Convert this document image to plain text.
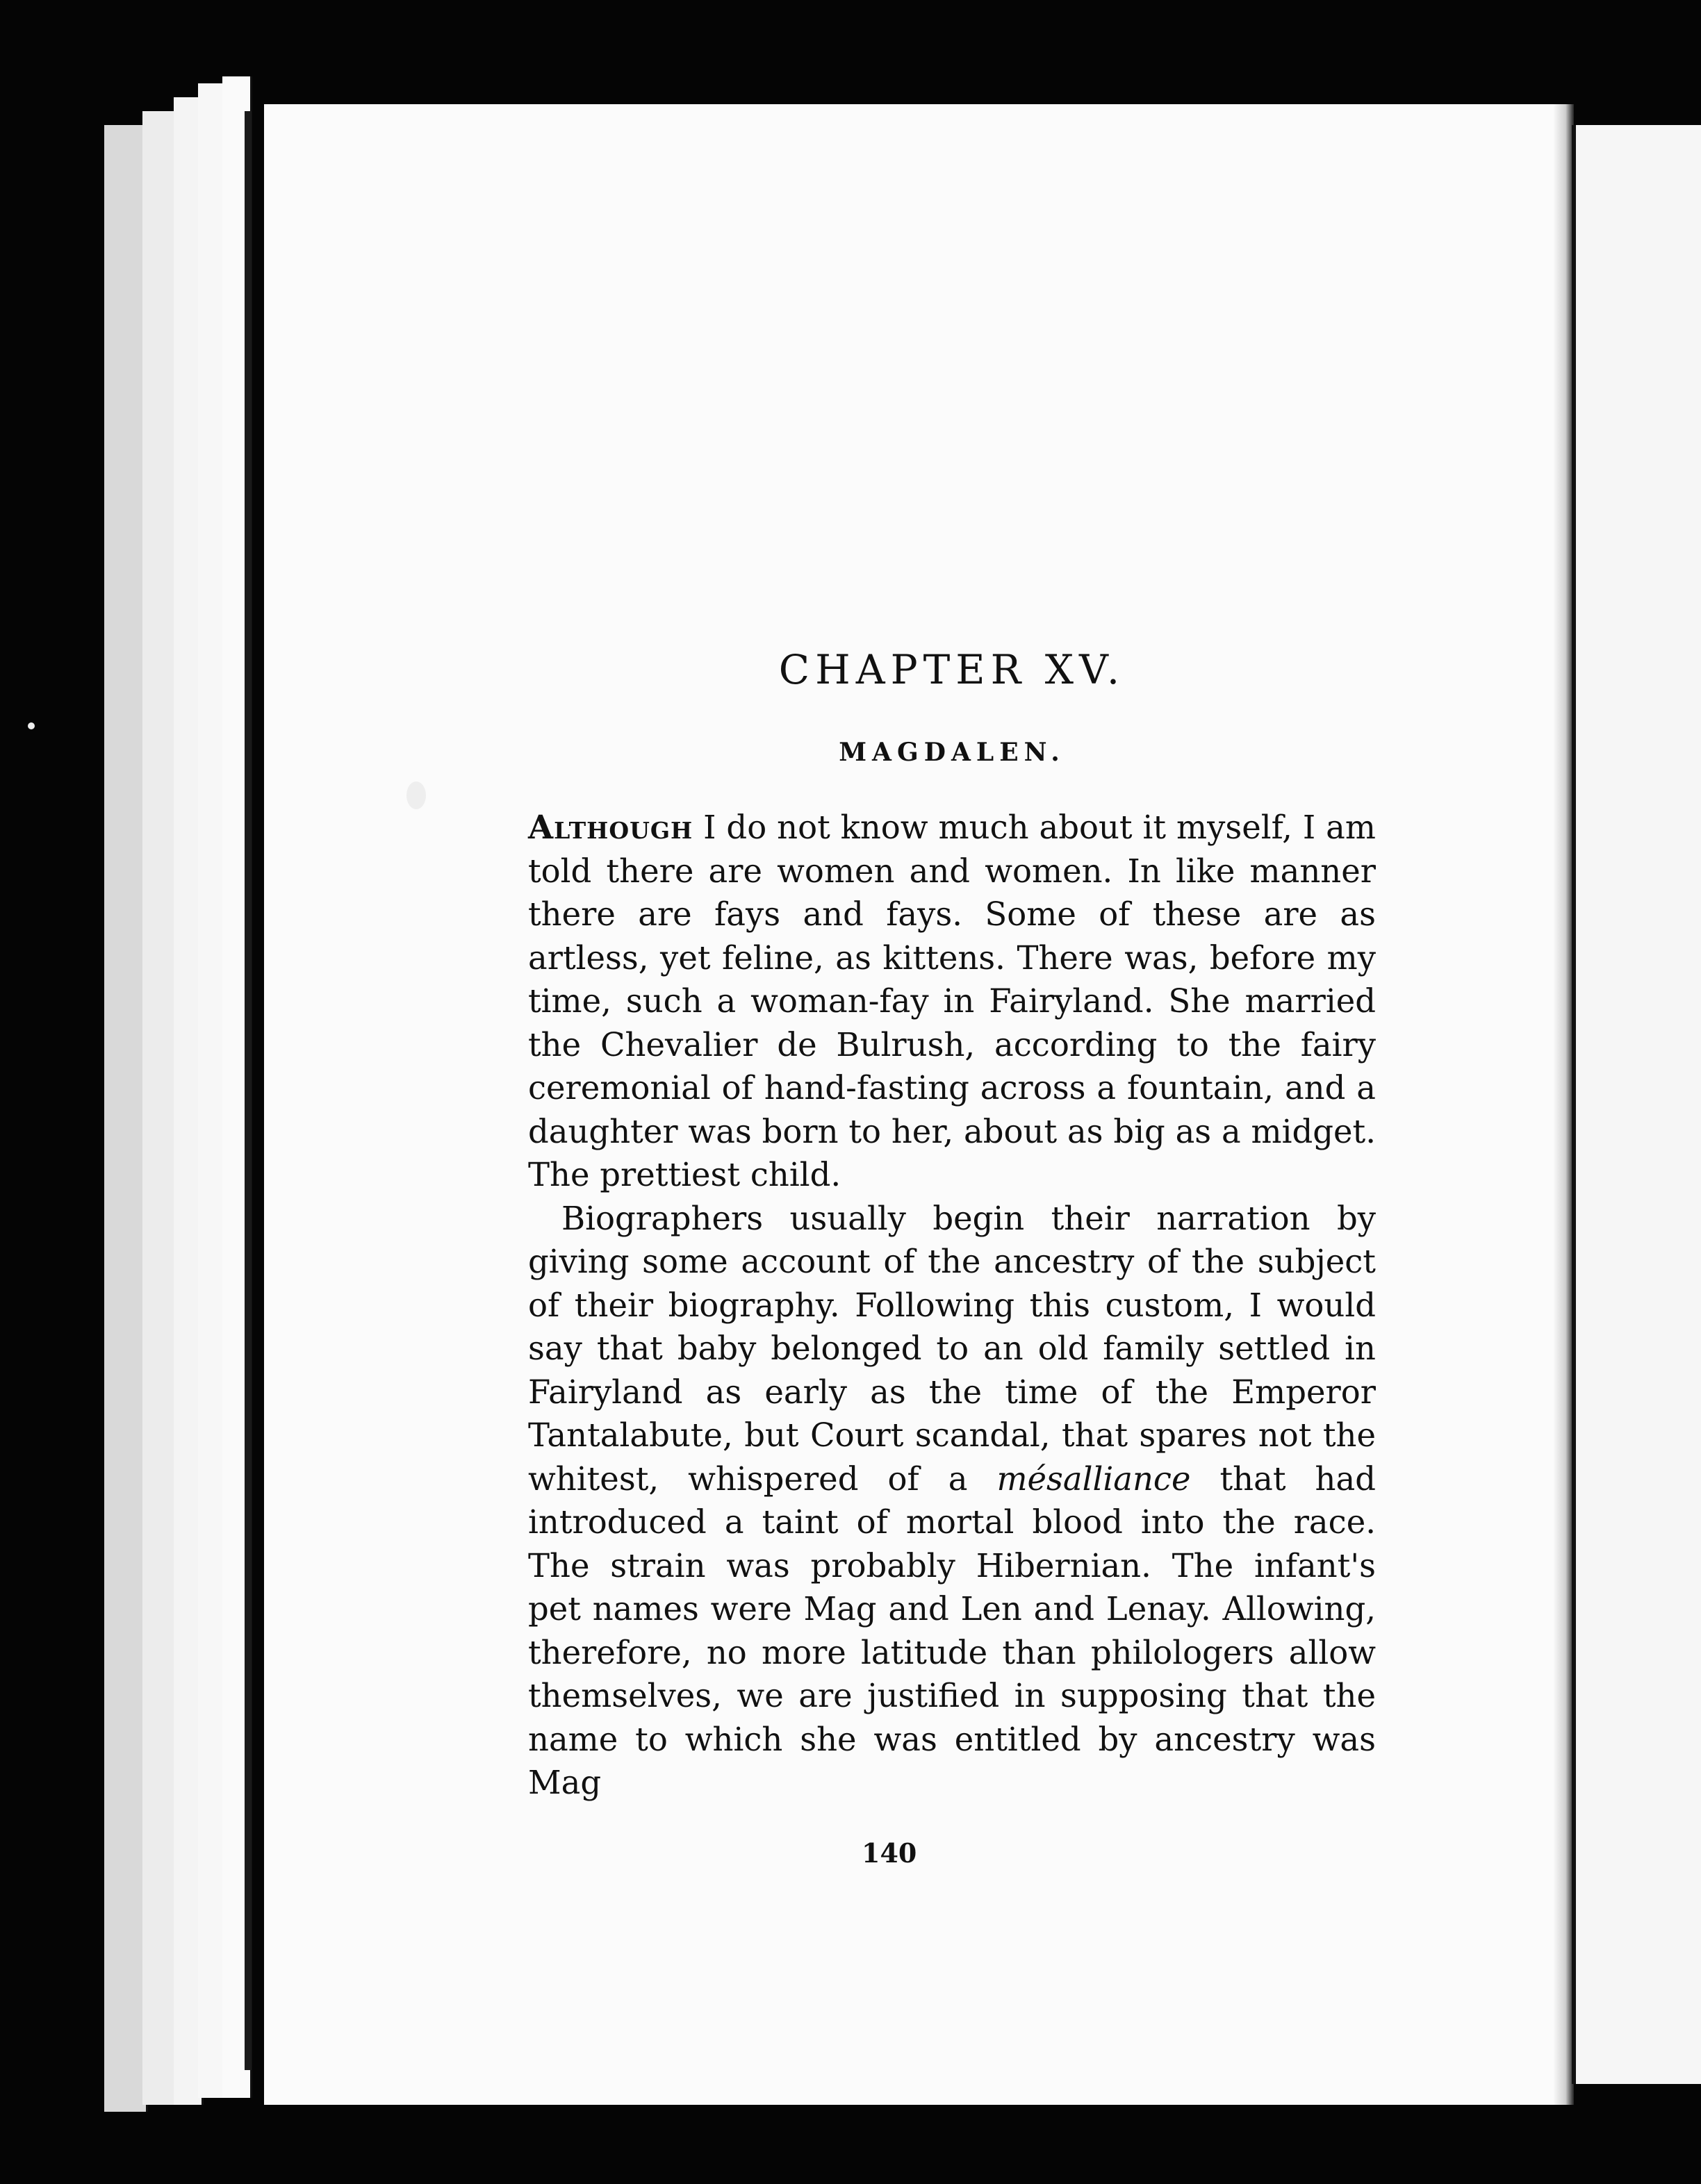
CHAPTER XV.
MAGDALEN.

Although I do not know much about it myself, I am told there are women and women. In like manner there are fays and fays. Some of these are as artless, yet feline, as kittens. There was, before my time, such a woman-fay in Fairyland. She married the Chevalier de Bulrush, according to the fairy ceremonial of hand-fasting across a fountain, and a daughter was born to her, about as big as a midget. The prettiest child.

Biographers usually begin their narration by giving some account of the ancestry of the subject of their biography. Following this custom, I would say that baby belonged to an old family settled in Fairyland as early as the time of the Emperor Tantalabute, but Court scandal, that spares not the whitest, whispered of a mésalliance that had introduced a taint of mortal blood into the race. The strain was probably Hibernian. The infant's pet names were Mag and Len and Lenay. Allowing, therefore, no more latitude than philologers allow themselves, we are justified in supposing that the name to which she was entitled by ancestry was Mag

140
